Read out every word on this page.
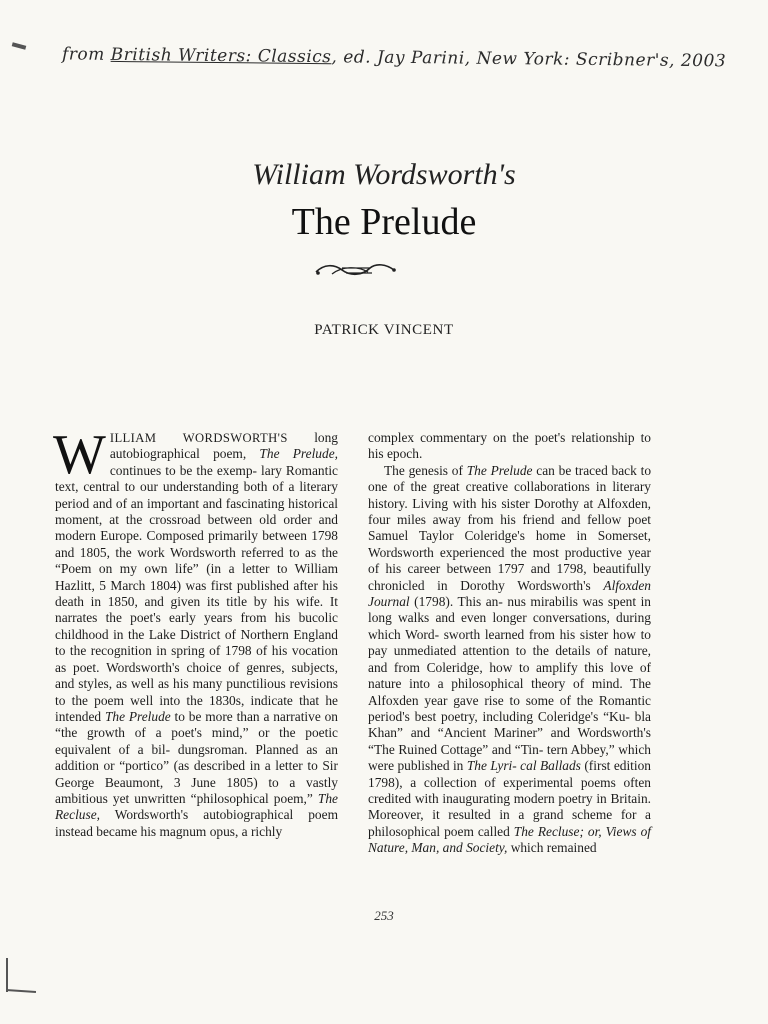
from British Writers: Classics, ed. Jay Parini, New York: Scribner's, 2003
William Wordsworth's
The Prelude
PATRICK VINCENT

WILLIAM WORDSWORTH'S long autobiographical poem, The Prelude, continues to be the exemp- lary Romantic text, central to our understanding both of a literary period and of an important and fascinating historical moment, at the crossroad between old order and modern Europe. Composed primarily between 1798 and 1805, the work Wordsworth referred to as the “Poem on my own life” (in a letter to William Hazlitt, 5 March 1804) was first published after his death in 1850, and given its title by his wife. It narrates the poet's early years from his bucolic childhood in the Lake District of Northern England to the recognition in spring of 1798 of his vocation as poet. Wordsworth's choice of genres, subjects, and styles, as well as his many punctilious revisions to the poem well into the 1830s, indicate that he intended The Prelude to be more than a narrative on “the growth of a poet's mind,” or the poetic equivalent of a bil- dungsroman. Planned as an addition or “portico” (as described in a letter to Sir George Beaumont, 3 June 1805) to a vastly ambitious yet unwritten “philosophical poem,” The Recluse, Wordsworth's autobiographical poem instead became his magnum opus, a richly

complex commentary on the poet's relationship to his epoch.

The genesis of The Prelude can be traced back to one of the great creative collaborations in literary history. Living with his sister Dorothy at Alfoxden, four miles away from his friend and fellow poet Samuel Taylor Coleridge's home in Somerset, Wordsworth experienced the most productive year of his career between 1797 and 1798, beautifully chronicled in Dorothy Wordsworth's Alfoxden Journal (1798). This an- nus mirabilis was spent in long walks and even longer conversations, during which Word- sworth learned from his sister how to pay unmediated attention to the details of nature, and from Coleridge, how to amplify this love of nature into a philosophical theory of mind. The Alfoxden year gave rise to some of the Romantic period's best poetry, including Coleridge's “Ku- bla Khan” and “Ancient Mariner” and Wordsworth's “The Ruined Cottage” and “Tin- tern Abbey,” which were published in The Lyri- cal Ballads (first edition 1798), a collection of experimental poems often credited with inaugurating modern poetry in Britain. Moreover, it resulted in a grand scheme for a philosophical poem called The Recluse; or, Views of Nature, Man, and Society, which remained

253
